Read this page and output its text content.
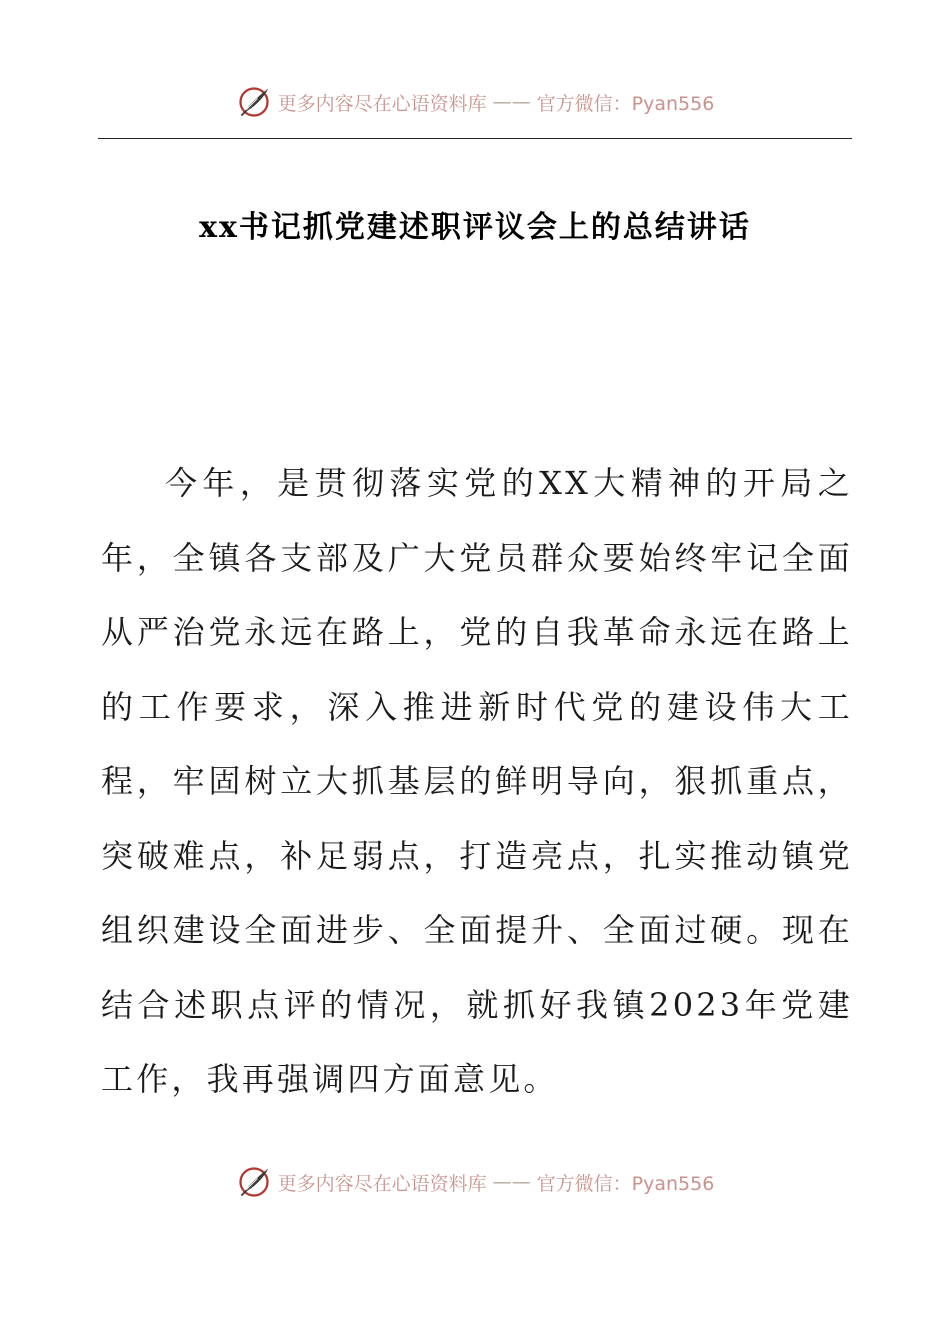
更多内容尽在心语资料库 —— 官方微信：Pyan556
xx书记抓党建述职评议会上的总结讲话

今年，是贯彻落实党的XX大精神的开局之年，全镇各支部及广大党员群众要始终牢记全面从严治党永远在路上，党的自我革命永远在路上的工作要求，深入推进新时代党的建设伟大工程，牢固树立大抓基层的鲜明导向，狠抓重点，突破难点，补足弱点，打造亮点，扎实推动镇党组织建设全面进步、全面提升、全面过硬。现在结合述职点评的情况，就抓好我镇2023年党建工作，我再强调四方面意见。

更多内容尽在心语资料库 —— 官方微信：Pyan556
